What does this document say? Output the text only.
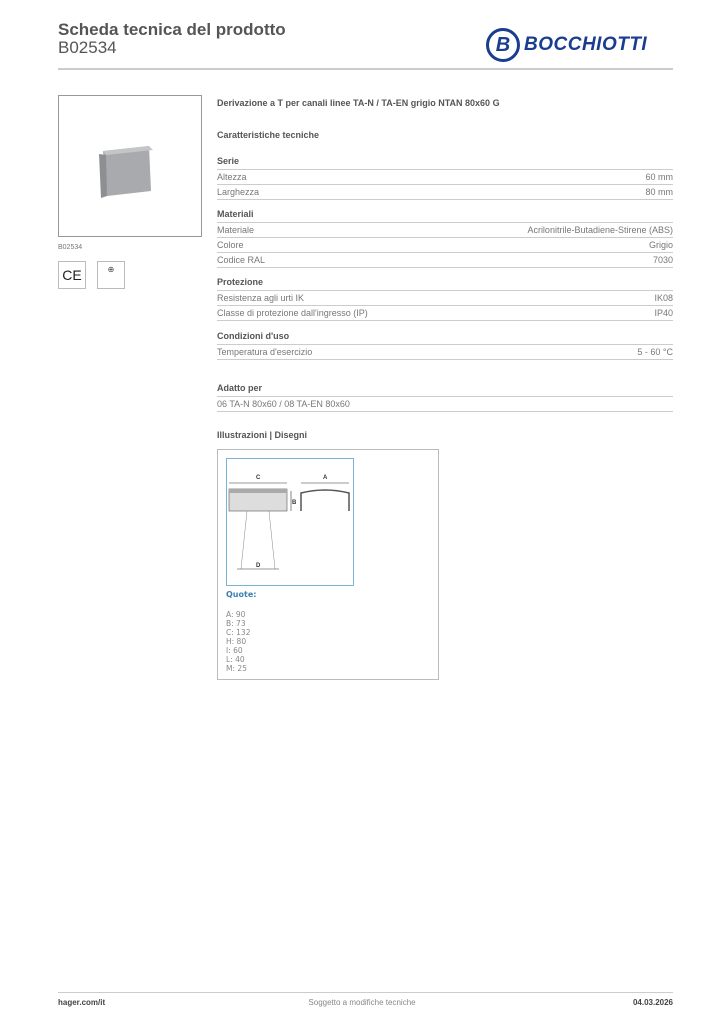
Scheda tecnica del prodotto
B02534	B BOCCHIOTTI
B02534
CE	⊕
Derivazione a T per canali linee TA-N / TA-EN grigio NTAN 80x60 G
Caratteristiche tecniche
Serie
Altezza	60 mm
Larghezza	80 mm
Materiali
Materiale	Acrilonitrile-Butadiene-Stirene (ABS)
Colore	Grigio
Codice RAL	7030
Protezione
Resistenza agli urti IK	IK08
Classe di protezione dall'ingresso (IP)	IP40
Condizioni d'uso
Temperatura d'esercizio	5 - 60 °C
Adatto per
06 TA-N 80x60 / 08 TA-EN 80x60
Illustrazioni | Disegni
C
B
A
D
Quote:
A: 90
B: 73
C: 132
H: 80
I: 60
L: 40
M: 25
hager.com/it	Soggetto a modifiche tecniche	04.03.2026
